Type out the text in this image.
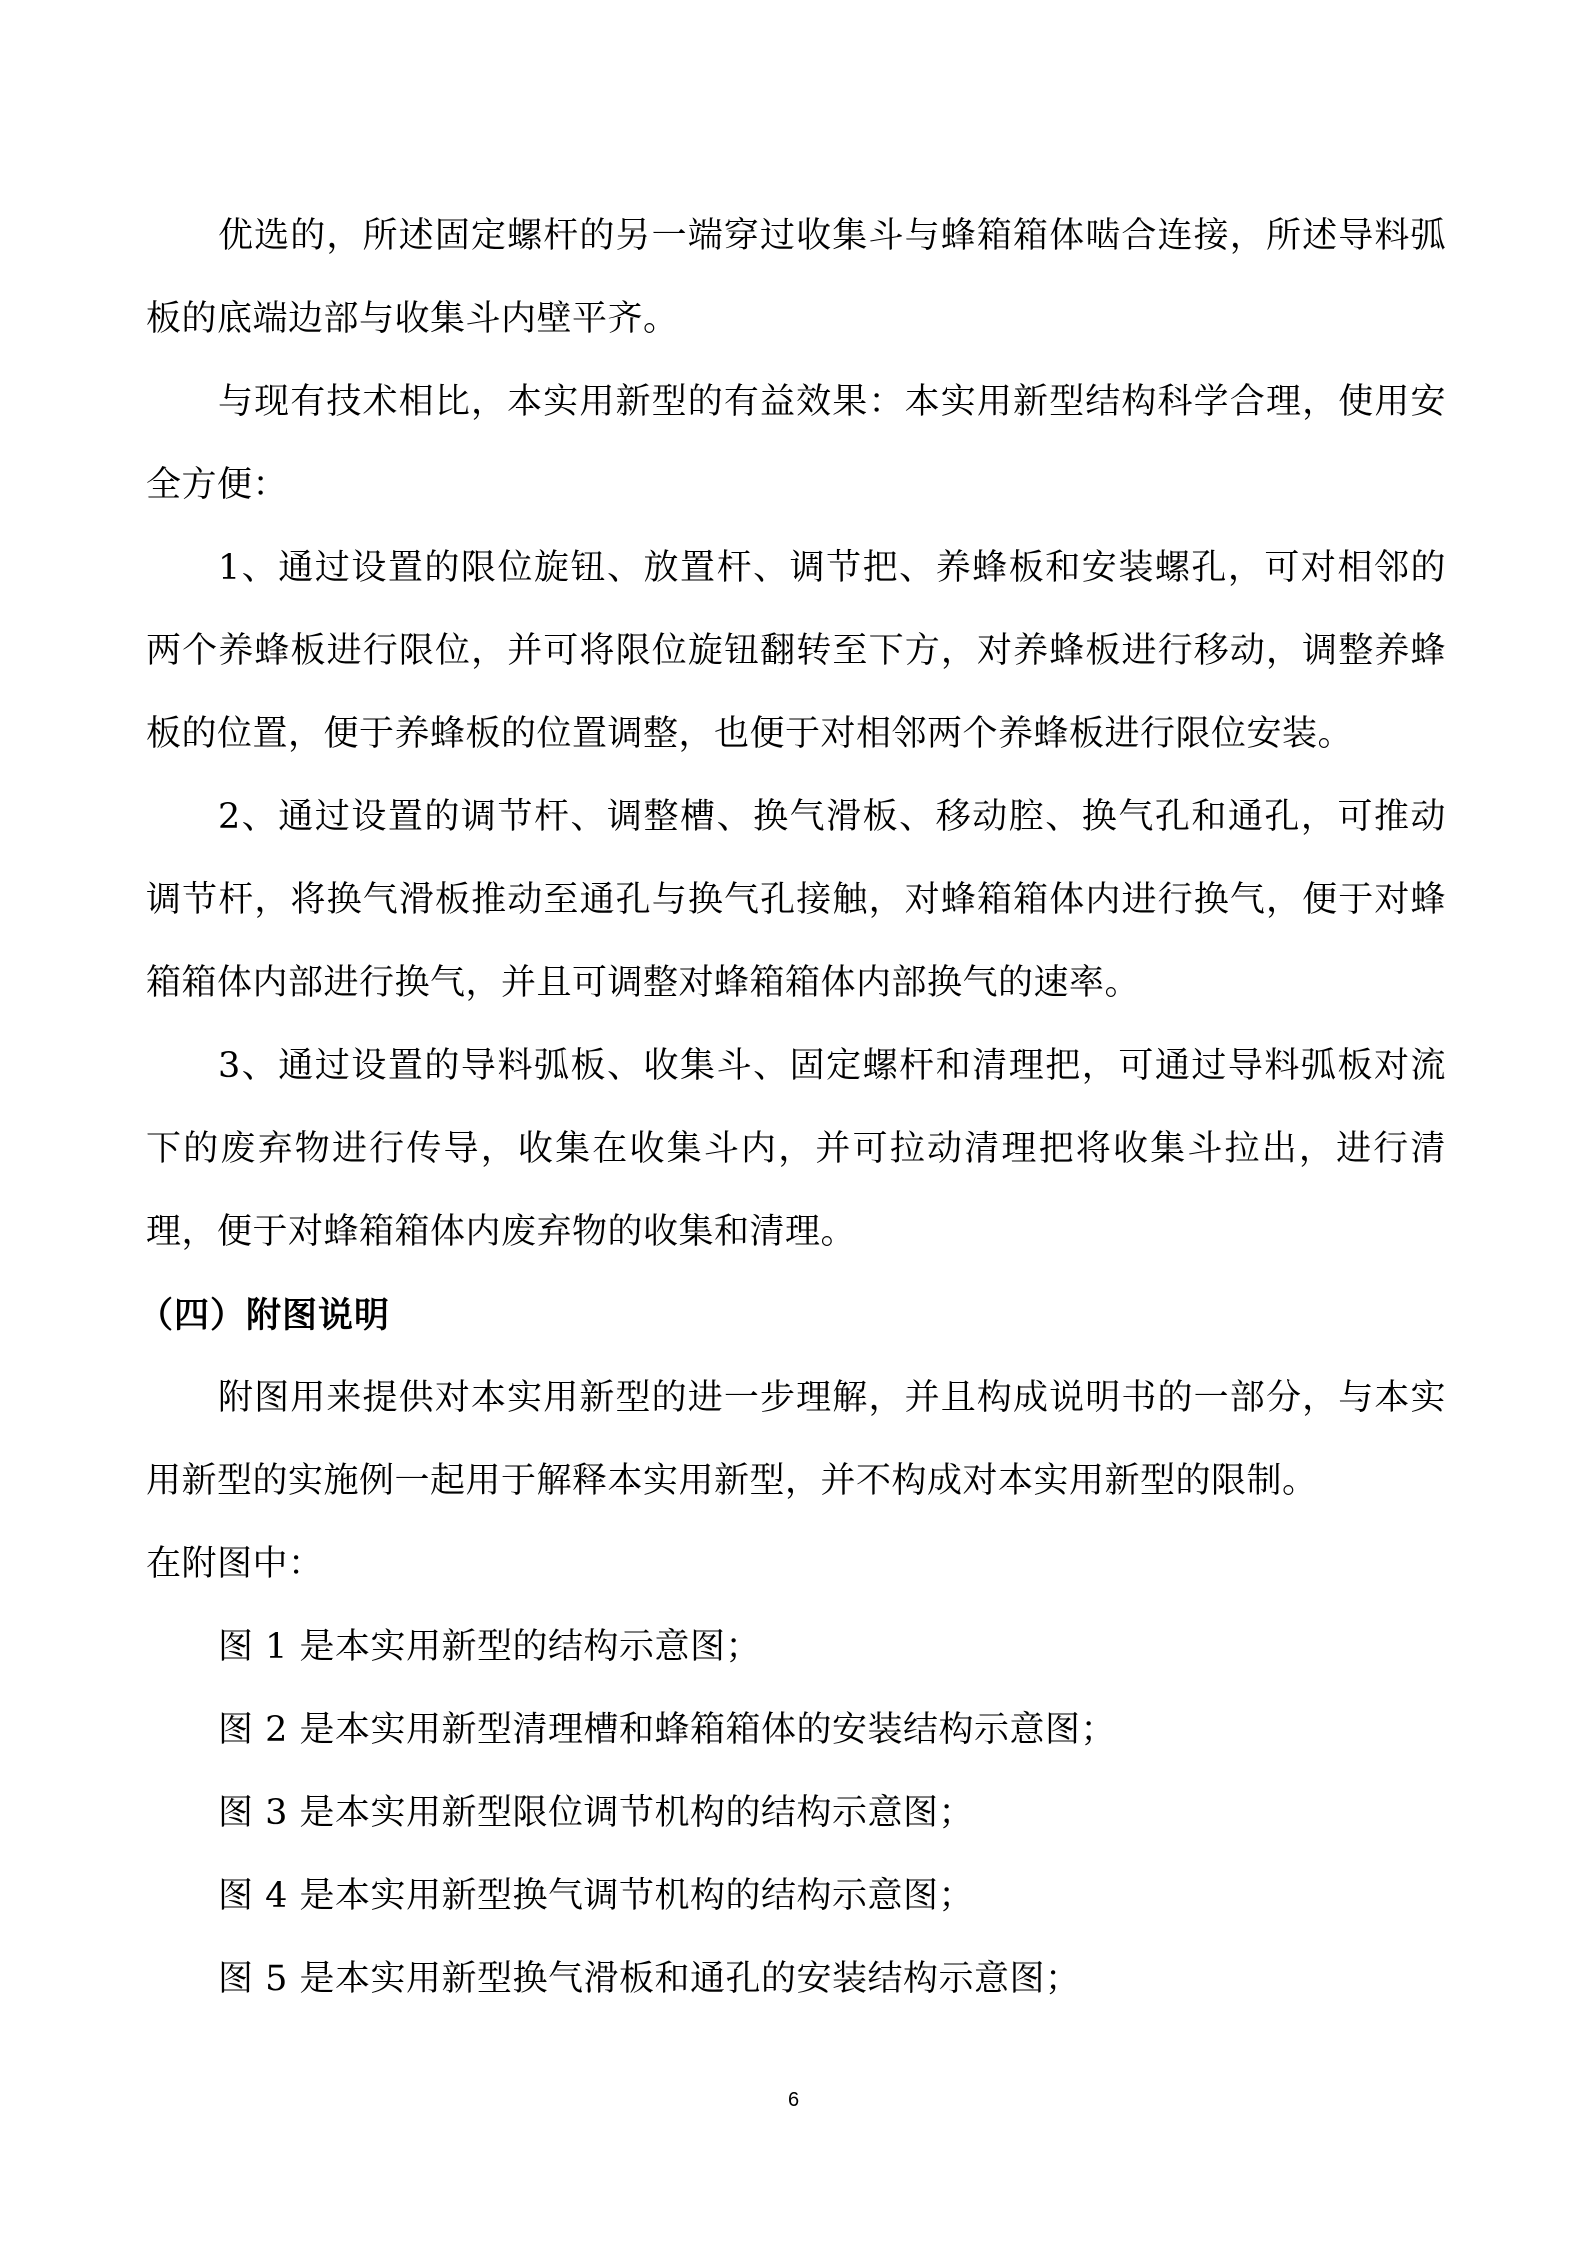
优选的，所述固定螺杆的另一端穿过收集斗与蜂箱箱体啮合连接，所述导料弧板的底端边部与收集斗内壁平齐。

与现有技术相比，本实用新型的有益效果：本实用新型结构科学合理，使用安全方便：

1、通过设置的限位旋钮、放置杆、调节把、养蜂板和安装螺孔，可对相邻的两个养蜂板进行限位，并可将限位旋钮翻转至下方，对养蜂板进行移动，调整养蜂板的位置，便于养蜂板的位置调整，也便于对相邻两个养蜂板进行限位安装。

2、通过设置的调节杆、调整槽、换气滑板、移动腔、换气孔和通孔，可推动调节杆，将换气滑板推动至通孔与换气孔接触，对蜂箱箱体内进行换气，便于对蜂箱箱体内部进行换气，并且可调整对蜂箱箱体内部换气的速率。

3、通过设置的导料弧板、收集斗、固定螺杆和清理把，可通过导料弧板对流下的废弃物进行传导，收集在收集斗内，并可拉动清理把将收集斗拉出，进行清理，便于对蜂箱箱体内废弃物的收集和清理。

（四）附图说明

附图用来提供对本实用新型的进一步理解，并且构成说明书的一部分，与本实用新型的实施例一起用于解释本实用新型，并不构成对本实用新型的限制。

在附图中：

图 1 是本实用新型的结构示意图；

图 2 是本实用新型清理槽和蜂箱箱体的安装结构示意图；

图 3 是本实用新型限位调节机构的结构示意图；

图 4 是本实用新型换气调节机构的结构示意图；

图 5 是本实用新型换气滑板和通孔的安装结构示意图；

6
